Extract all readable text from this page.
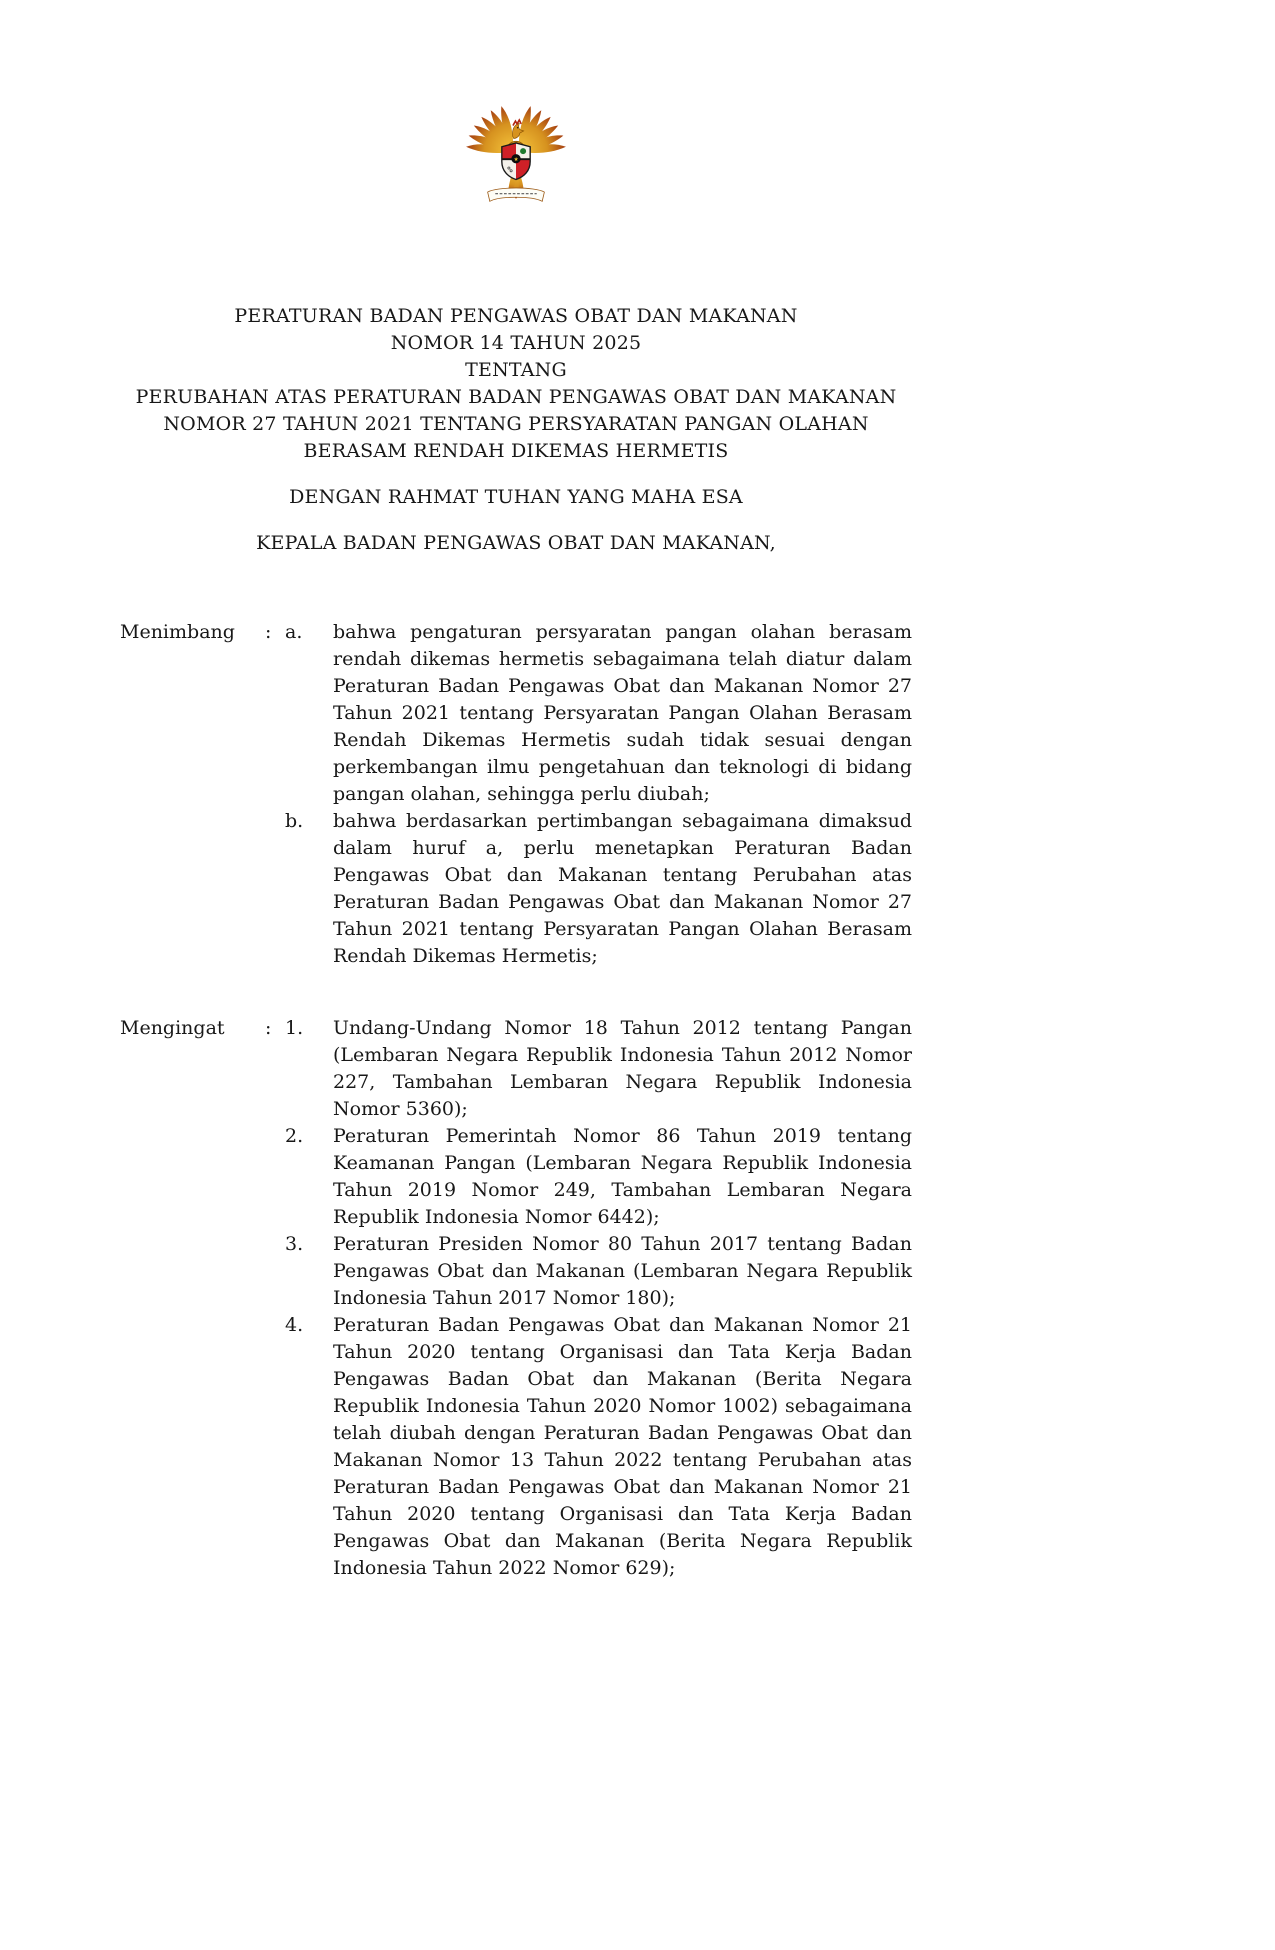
★
PERATURAN BADAN PENGAWAS OBAT DAN MAKANAN
NOMOR 14 TAHUN 2025
TENTANG
PERUBAHAN ATAS PERATURAN BADAN PENGAWAS OBAT DAN MAKANAN
NOMOR 27 TAHUN 2021 TENTANG PERSYARATAN PANGAN OLAHAN
BERASAM RENDAH DIKEMAS HERMETIS
DENGAN RAHMAT TUHAN YANG MAHA ESA
KEPALA BADAN PENGAWAS OBAT DAN MAKANAN,
Menimbang	: a.	bahwa pengaturan persyaratan pangan olahan berasam rendah dikemas hermetis sebagaimana telah diatur dalam Peraturan Badan Pengawas Obat dan Makanan Nomor 27 Tahun 2021 tentang Persyaratan Pangan Olahan Berasam Rendah Dikemas Hermetis sudah tidak sesuai dengan perkembangan ilmu pengetahuan dan teknologi di bidang pangan olahan, sehingga perlu diubah;
b.	bahwa berdasarkan pertimbangan sebagaimana dimaksud dalam huruf a, perlu menetapkan Peraturan Badan Pengawas Obat dan Makanan tentang Perubahan atas Peraturan Badan Pengawas Obat dan Makanan Nomor 27 Tahun 2021 tentang Persyaratan Pangan Olahan Berasam Rendah Dikemas Hermetis;
Mengingat	: 1.	Undang-Undang Nomor 18 Tahun 2012 tentang Pangan (Lembaran Negara Republik Indonesia Tahun 2012 Nomor 227, Tambahan Lembaran Negara Republik Indonesia Nomor 5360);
2.	Peraturan Pemerintah Nomor 86 Tahun 2019 tentang Keamanan Pangan (Lembaran Negara Republik Indonesia Tahun 2019 Nomor 249, Tambahan Lembaran Negara Republik Indonesia Nomor 6442);
3.	Peraturan Presiden Nomor 80 Tahun 2017 tentang Badan Pengawas Obat dan Makanan (Lembaran Negara Republik Indonesia Tahun 2017 Nomor 180);
4.	Peraturan Badan Pengawas Obat dan Makanan Nomor 21 Tahun 2020 tentang Organisasi dan Tata Kerja Badan Pengawas Badan Obat dan Makanan (Berita Negara Republik Indonesia Tahun 2020 Nomor 1002) sebagaimana telah diubah dengan Peraturan Badan Pengawas Obat dan Makanan Nomor 13 Tahun 2022 tentang Perubahan atas Peraturan Badan Pengawas Obat dan Makanan Nomor 21 Tahun 2020 tentang Organisasi dan Tata Kerja Badan Pengawas Obat dan Makanan (Berita Negara Republik Indonesia Tahun 2022 Nomor 629);
